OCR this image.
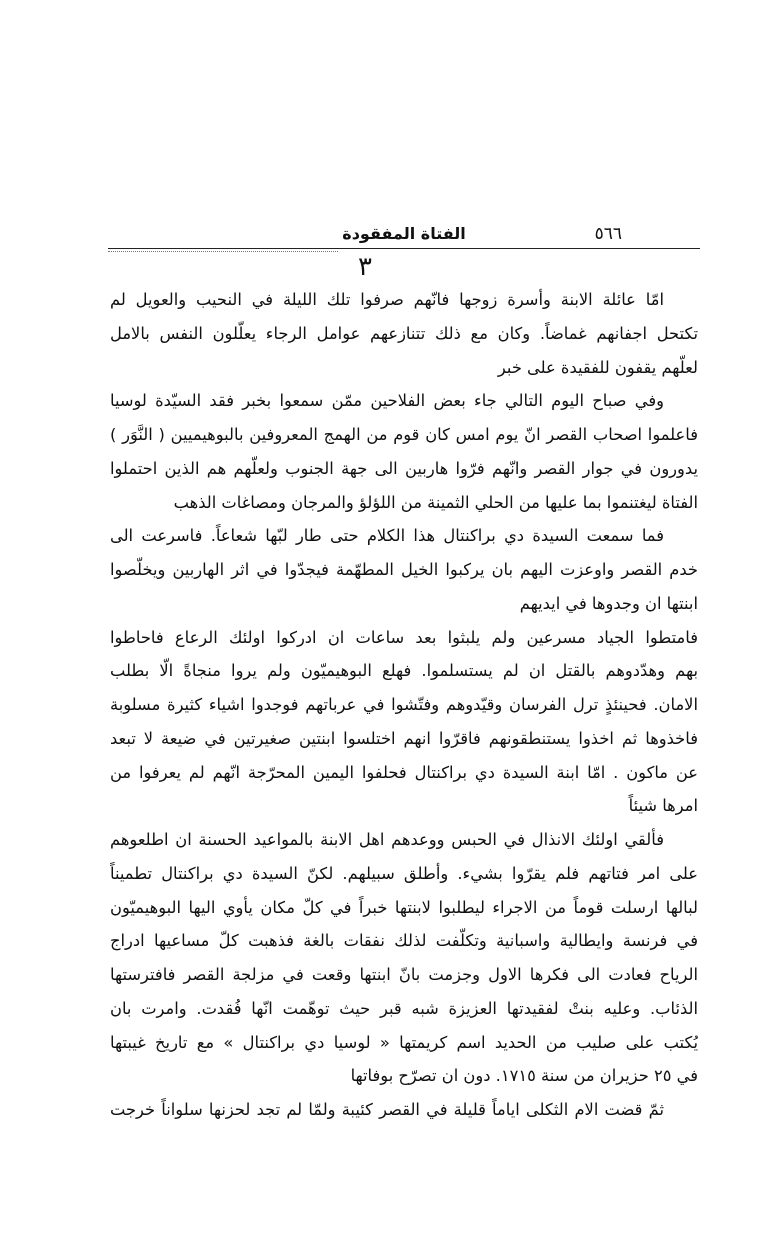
٥٦٦
الفتاة المفقودة
٣
امّا عائلة الابنة وأسرة زوجها فانّهم صرفوا تلك الليلة في النحيب والعويل لم
تكتحل اجفانهم غماضاً. وكان مع ذلك تتنازعهم عوامل الرجاء يعلّلون النفس بالامل
لعلّهم يقفون للفقيدة على خبر
وفي صباح اليوم التالي جاء بعض الفلاحين ممّن سمعوا بخبر فقد السيّدة لوسيا
فاعلموا اصحاب القصر انّ يوم امس كان قوم من الهمج المعروفين بالبوهيميين ( النَّوَر )
يدورون في جوار القصر وانّهم فرّوا هاربين الى جهة الجنوب ولعلّهم هم الذين احتملوا
الفتاة ليغتنموا بما عليها من الحلي الثمينة من اللؤلؤ والمرجان ومصاغات الذهب
فما سمعت السيدة دي براكنتال هذا الكلام حتى طار لبّها شعاعاً. فاسرعت الى
خدم القصر واوعزت اليهم بان يركبوا الخيل المطهّمة فيجدّوا في اثر الهاربين ويخلّصوا
ابنتها ان وجدوها في ايديهم
فامتطوا الجياد مسرعين ولم يلبثوا بعد ساعات ان ادركوا اولئك الرعاع فاحاطوا
بهم وهدّدوهم بالقتل ان لم يستسلموا. فهلع البوهيميّون ولم يروا منجاةً الّا بطلب
الامان. فحينئذٍ ترل الفرسان وقيّدوهم وفتّشوا في عرباتهم فوجدوا اشياء كثيرة مسلوبة
فاخذوها ثم اخذوا يستنطقونهم فاقرّوا انهم اختلسوا ابنتين صغيرتين في ضيعة لا تبعد
عن ماكون . امّا ابنة السيدة دي براكنتال فحلفوا اليمين المحرّجة انّهم لم يعرفوا من
امرها شيئاً
فألقي اولئك الانذال في الحبس ووعدهم اهل الابنة بالمواعيد الحسنة ان اطلعوهم
على امر فتاتهم فلم يقرّوا بشيء. وأطلق سبيلهم. لكنّ السيدة دي براكنتال تطميناً
لبالها ارسلت قوماً من الاجراء ليطلبوا لابنتها خبراً في كلّ مكان يأوي اليها البوهيميّون
في فرنسة وايطالية واسبانية وتكلّفت لذلك نفقات بالغة فذهبت كلّ مساعيها ادراج
الرياح فعادت الى فكرها الاول وجزمت بانّ ابنتها وقعت في مزلجة القصر فافترستها
الذئاب. وعليه بنتْ لفقيدتها العزيزة شبه قبر حيث توهّمت انّها فُقدت. وامرت بان
يُكتب على صليب من الحديد اسم كريمتها « لوسيا دي براكنتال » مع تاريخ غيبتها
في ٢٥ حزيران من سنة ١٧١٥. دون ان تصرّح بوفاتها
ثمّ قضت الام الثكلى اياماً قليلة في القصر كئيبة ولمّا لم تجد لحزنها سلواناً خرجت
